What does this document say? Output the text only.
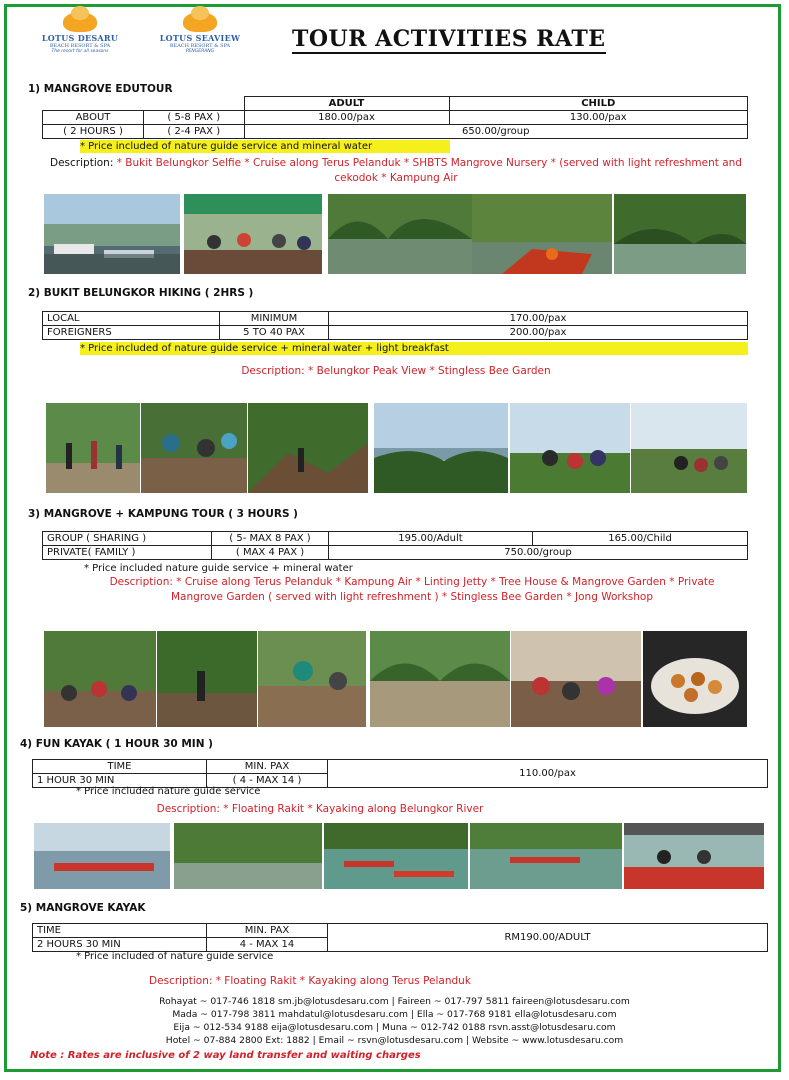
LOTUS DESARU
BEACH RESORT & SPA
The resort for all seasons
LOTUS SEAVIEW
BEACH RESORT & SPA
PENGERANG	TOUR ACTIVITIES RATE
1) MANGROVE EDUTOUR
		ADULT	CHILD
ABOUT	( 5-8 PAX )	180.00/pax	130.00/pax
( 2 HOURS )	( 2-4 PAX )	650.00/group	
* Price included of nature guide service and mineral water
Description: * Bukit Belungkor Selfie * Cruise along Terus Pelanduk * SHBTS Mangrove Nursery * (served with light refreshment and cekodok * Kampung Air
2) BUKIT BELUNGKOR HIKING ( 2HRS )
LOCAL	MINIMUM	170.00/pax
FOREIGNERS	5 TO 40 PAX	200.00/pax
* Price included of nature guide service + mineral water + light breakfast
Description: * Belungkor Peak View * Stingless Bee Garden
3) MANGROVE + KAMPUNG TOUR ( 3 HOURS )
GROUP ( SHARING )	( 5- MAX 8 PAX )	195.00/Adult	165.00/Child
PRIVATE( FAMILY )	( MAX 4 PAX )	750.00/group	
* Price included nature guide service + mineral water
Description: * Cruise along Terus Pelanduk * Kampung Air * Linting Jetty * Tree House & Mangrove Garden * Private Mangrove Garden ( served with light refreshment ) * Stingless Bee Garden * Jong Workshop
4) FUN KAYAK ( 1 HOUR 30 MIN )
TIME	MIN. PAX	110.00/pax
1 HOUR 30 MIN	( 4 - MAX 14 )	
* Price included nature guide service
Description: * Floating Rakit * Kayaking along Belungkor River
5) MANGROVE KAYAK
TIME	MIN. PAX	RM190.00/ADULT
2 HOURS 30 MIN	4 - MAX 14	
* Price included of nature guide service
Description: * Floating Rakit * Kayaking along Terus Pelanduk
Rohayat ~ 017-746 1818 sm.jb@lotusdesaru.com | Faireen ~ 017-797 5811 faireen@lotusdesaru.com
Mada ~ 017-798 3811 mahdatul@lotusdesaru.com | Ella ~ 017-768 9181 ella@lotusdesaru.com
Eija ~ 012-534 9188 eija@lotusdesaru.com | Muna ~ 012-742 0188 rsvn.asst@lotusdesaru.com
Hotel ~ 07-884 2800 Ext: 1882 | Email ~ rsvn@lotusdesaru.com | Website ~ www.lotusdesaru.com
Note : Rates are inclusive of 2 way land transfer and waiting charges
